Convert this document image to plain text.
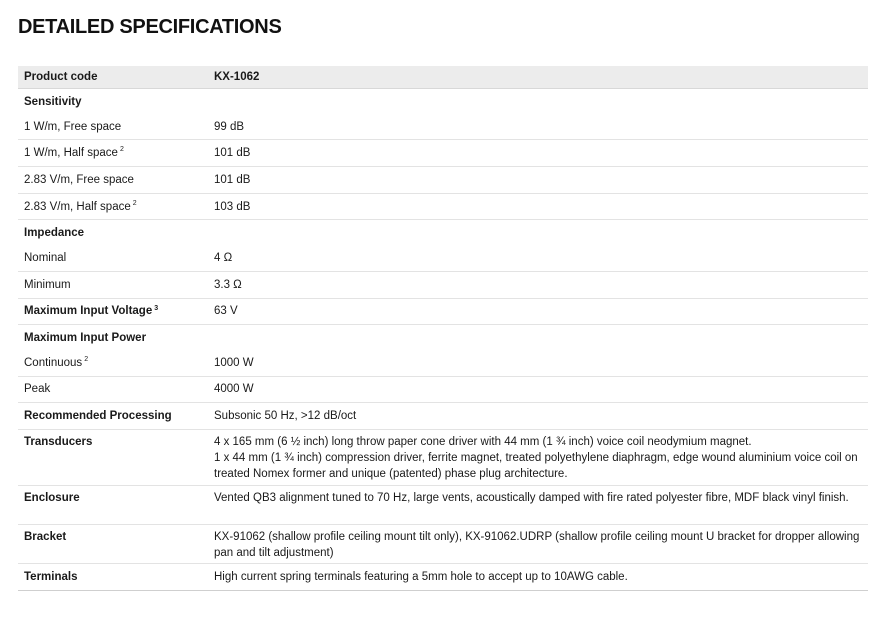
DETAILED SPECIFICATIONS
Product code	KX-1062
Sensitivity
1 W/m, Free space	99 dB
1 W/m, Half space $^2$	101 dB
2.83 V/m, Free space	101 dB
2.83 V/m, Half space $^2$	103 dB
Impedance
Nominal	4 Ω
Minimum	3.3 Ω
Maximum Input Voltage $^3$	63 V
Maximum Input Power
Continuous $^2$	1000 W
Peak	4000 W
Recommended Processing	Subsonic 50 Hz, >12 dB/oct
Transducers	4 x 165 mm (6 ½ inch) long throw paper cone driver with 44 mm (1 ¾ inch) voice coil neodymium magnet.
1 x 44 mm (1 ¾ inch) compression driver, ferrite magnet, treated polyethylene diaphragm, edge wound aluminium voice coil on treated Nomex former and unique (patented) phase plug architecture.
Enclosure	Vented QB3 alignment tuned to 70 Hz, large vents, acoustically damped with fire rated polyester fibre, MDF black vinyl finish.
Bracket	KX-91062 (shallow profile ceiling mount tilt only), KX-91062.UDRP (shallow profile ceiling mount U bracket for dropper allowing pan and tilt adjustment)
Terminals	High current spring terminals featuring a 5mm hole to accept up to 10AWG cable.
